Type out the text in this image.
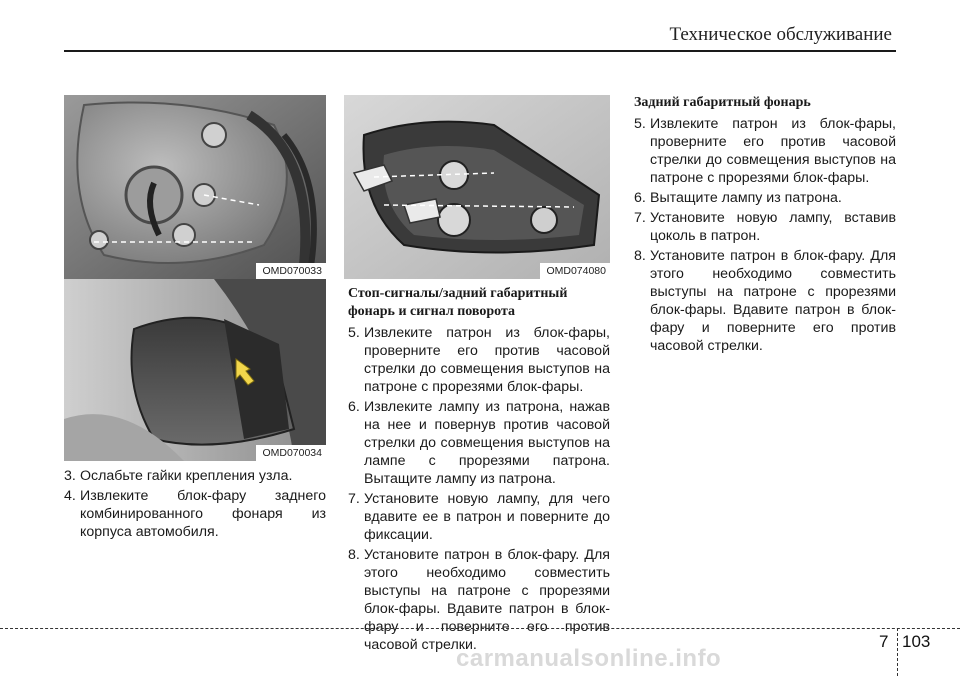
Техническое обслуживание
OMD070033
OMD070034
OMD074080
3. Ослабьте гайки крепления узла.
4. Извлеките блок-фару заднего комбинированного фонаря из корпуса автомобиля.
Стоп-сигналы/задний габаритный
фонарь и сигнал поворота
5. Извлеките патрон из блок-фары, проверните его против часовой стрелки до совмещения выступов на патроне с прорезями блок-фары.
6. Извлеките лампу из патрона, нажав на нее и повернув против часовой стрелки до совмещения выступов на лампе с прорезями патрона. Вытащите лампу из патрона.
7. Установите новую лампу, для чего вдавите ее в патрон и поверните до фиксации.
8. Установите патрон в блок-фару. Для этого необходимо совместить выступы на патроне с прорезями блок-фары. Вдавите патрон в блок-фару и поверните его против часовой стрелки.
Задний габаритный фонарь
5. Извлеките патрон из блок-фары, проверните его против часовой стрелки до совмещения выступов на патроне с прорезями блок-фары.
6. Вытащите лампу из патрона.
7. Установите новую лампу, вставив цоколь в патрон.
8. Установите патрон в блок-фару. Для этого необходимо совместить выступы на патроне с прорезями блок-фары. Вдавите патрон в блок-фару и поверните его против часовой стрелки.
7 103
carmanualsonline.info
